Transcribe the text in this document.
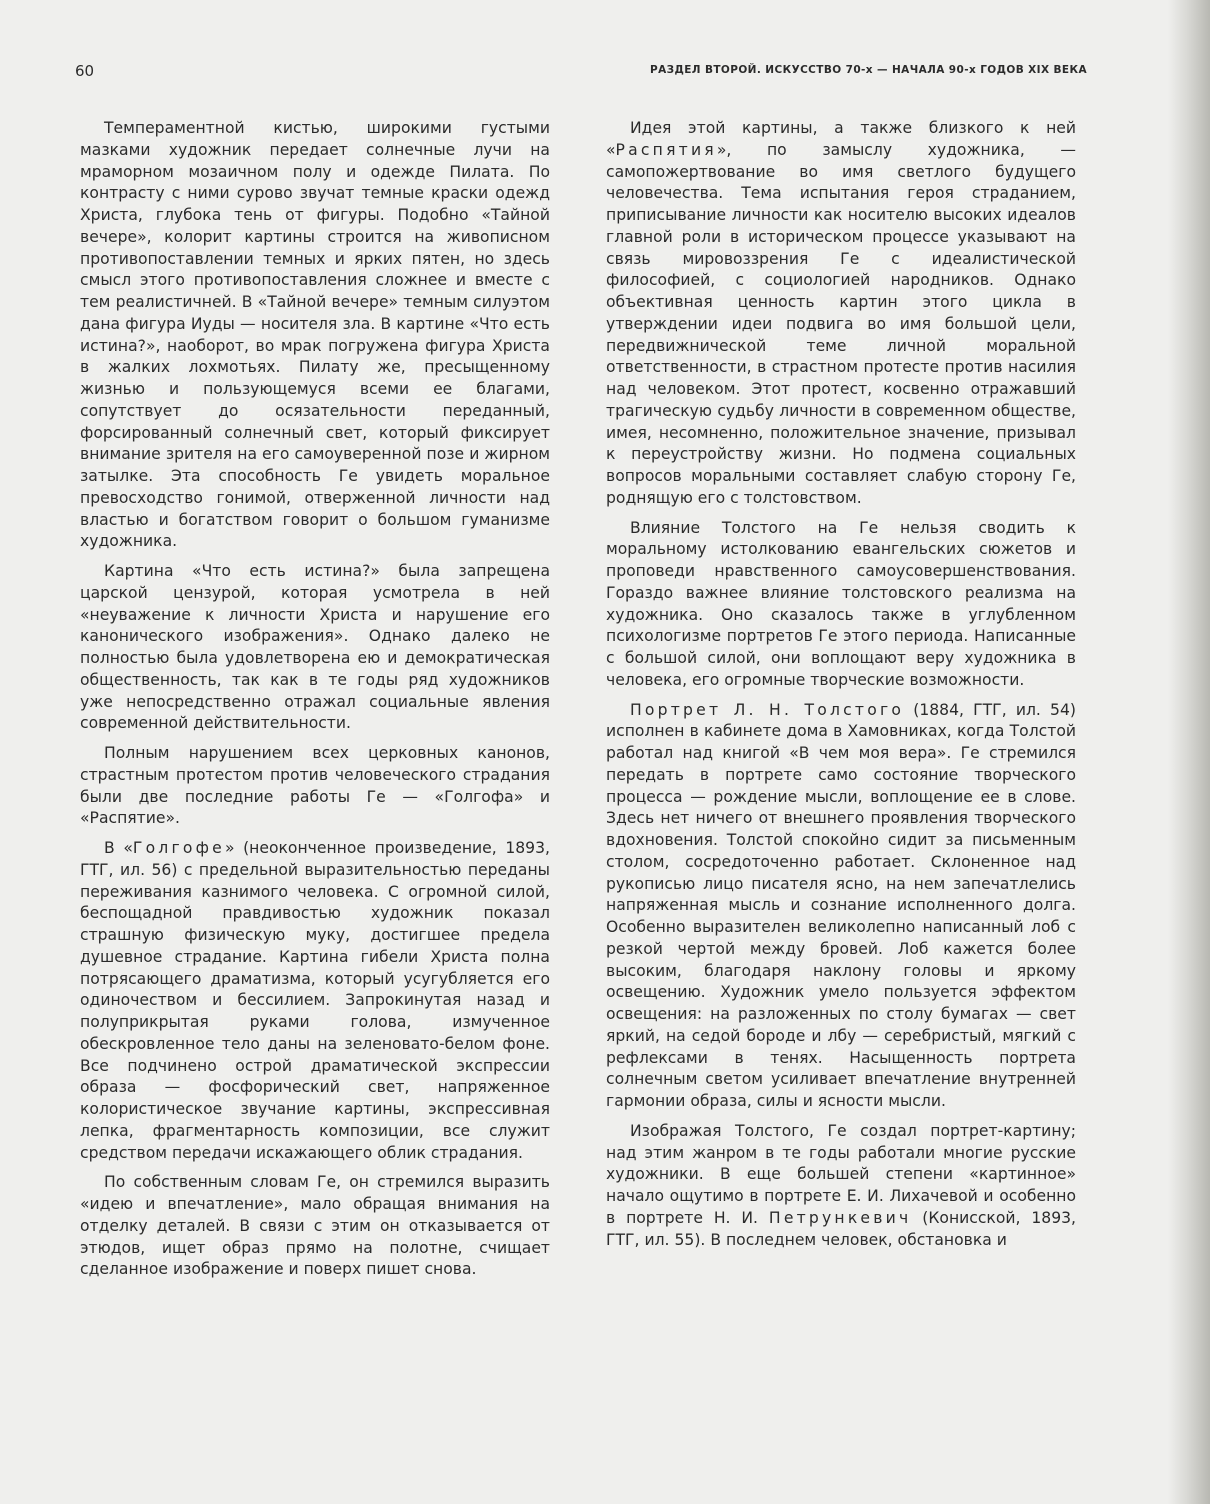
60	РАЗДЕЛ ВТОРОЙ. ИСКУССТВО 70-х — НАЧАЛА 90-х ГОДОВ XIX ВЕКА

Темпераментной кистью, широкими густыми мазками художник передает солнечные лучи на мраморном мозаичном полу и одежде Пилата. По контрасту с ними сурово звучат темные краски одежд Христа, глубока тень от фигуры. Подобно «Тайной вечере», колорит картины строится на живописном противопоставлении темных и ярких пятен, но здесь смысл этого противопоставления сложнее и вместе с тем реалистичней. В «Тайной вечере» темным силуэтом дана фигура Иуды — носителя зла. В картине «Что есть истина?», наоборот, во мрак погружена фигура Христа в жалких лохмотьях. Пилату же, пресыщенному жизнью и пользующемуся всеми ее благами, сопутствует до осязательности переданный, форсированный солнечный свет, который фиксирует внимание зрителя на его самоуверенной позе и жирном затылке. Эта способность Ге увидеть моральное превосходство гонимой, отверженной личности над властью и богатством говорит о большом гуманизме художника.

Картина «Что есть истина?» была запрещена царской цензурой, которая усмотрела в ней «неуважение к личности Христа и нарушение его канонического изображения». Однако далеко не полностью была удовлетворена ею и демократическая общественность, так как в те годы ряд художников уже непосредственно отражал социальные явления современной действительности.

Полным нарушением всех церковных канонов, страстным протестом против человеческого страдания были две последние работы Ге — «Голгофа» и «Распятие».

В «Голгофе» (неоконченное произведение, 1893, ГТГ, ил. 56) с предельной выразительностью переданы переживания казнимого человека. С огромной силой, беспощадной правдивостью художник показал страшную физическую муку, достигшее предела душевное страдание. Картина гибели Христа полна потрясающего драматизма, который усугубляется его одиночеством и бессилием. Запрокинутая назад и полуприкрытая руками голова, измученное обескровленное тело даны на зеленовато-белом фоне. Все подчинено острой драматической экспрессии образа — фосфорический свет, напряженное колористическое звучание картины, экспрессивная лепка, фрагментарность композиции, все служит средством передачи искажающего облик страдания.

По собственным словам Ге, он стремился выразить «идею и впечатление», мало обращая внимания на отделку деталей. В связи с этим он отказывается от этюдов, ищет образ прямо на полотне, счищает сделанное изображение и поверх пишет снова.

Идея этой картины, а также близкого к ней «Распятия», по замыслу художника, — самопожертвование во имя светлого будущего человечества. Тема испытания героя страданием, приписывание личности как носителю высоких идеалов главной роли в историческом процессе указывают на связь мировоззрения Ге с идеалистической философией, с социологией народников. Однако объективная ценность картин этого цикла в утверждении идеи подвига во имя большой цели, передвижнической теме личной моральной ответственности, в страстном протесте против насилия над человеком. Этот протест, косвенно отражавший трагическую судьбу личности в современном обществе, имея, несомненно, положительное значение, призывал к переустройству жизни. Но подмена социальных вопросов моральными составляет слабую сторону Ге, роднящую его с толстовством.

Влияние Толстого на Ге нельзя сводить к моральному истолкованию евангельских сюжетов и проповеди нравственного самоусовершенствования. Гораздо важнее влияние толстовского реализма на художника. Оно сказалось также в углубленном психологизме портретов Ге этого периода. Написанные с большой силой, они воплощают веру художника в человека, его огромные творческие возможности.

Портрет Л. Н. Толстого (1884, ГТГ, ил. 54) исполнен в кабинете дома в Хамовниках, когда Толстой работал над книгой «В чем моя вера». Ге стремился передать в портрете само состояние творческого процесса — рождение мысли, воплощение ее в слове. Здесь нет ничего от внешнего проявления творческого вдохновения. Толстой спокойно сидит за письменным столом, сосредоточенно работает. Склоненное над рукописью лицо писателя ясно, на нем запечатлелись напряженная мысль и сознание исполненного долга. Особенно выразителен великолепно написанный лоб с резкой чертой между бровей. Лоб кажется более высоким, благодаря наклону головы и яркому освещению. Художник умело пользуется эффектом освещения: на разложенных по столу бумагах — свет яркий, на седой бороде и лбу — серебристый, мягкий с рефлексами в тенях. Насыщенность портрета солнечным светом усиливает впечатление внутренней гармонии образа, силы и ясности мысли.

Изображая Толстого, Ге создал портрет-картину; над этим жанром в те годы работали многие русские художники. В еще большей степени «картинное» начало ощутимо в портрете Е. И. Лихачевой и особенно в портрете Н. И. Петрункевич (Конисской, 1893, ГТГ, ил. 55). В последнем человек, обстановка и
